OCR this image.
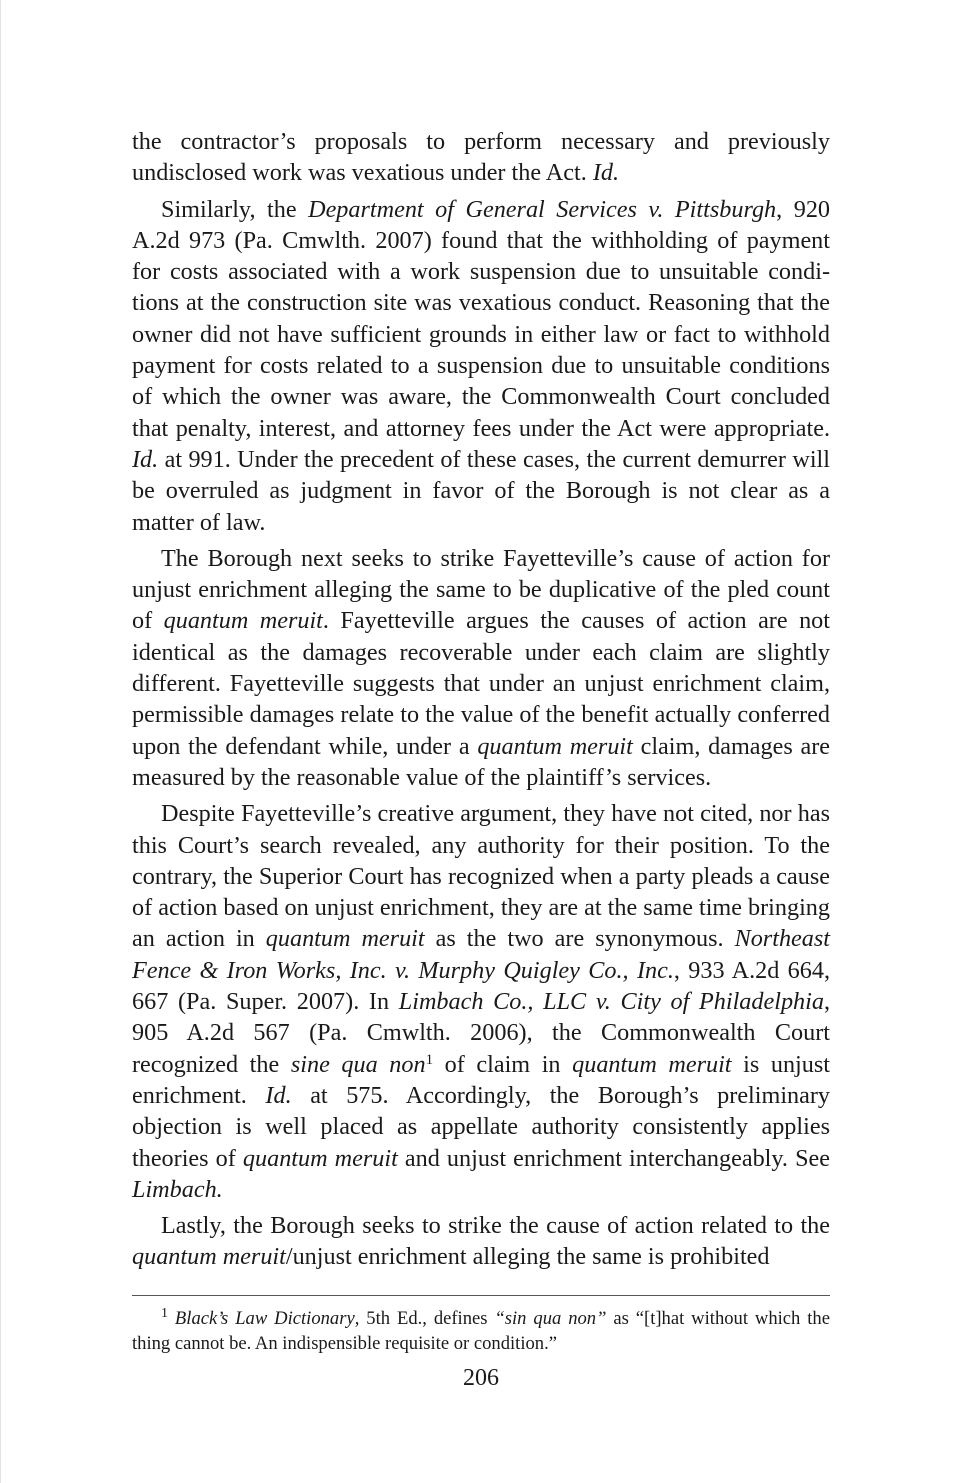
the contractor’s proposals to perform necessary and previously undisclosed work was vexatious under the Act. Id.

Similarly, the Department of General Services v. Pittsburgh, 920 A.2d 973 (Pa. Cmwlth. 2007) found that the withholding of payment for costs associated with a work suspension due to unsuitable conditions at the construction site was vexatious conduct. Reasoning that the owner did not have sufficient grounds in either law or fact to withhold payment for costs related to a suspension due to unsuitable conditions of which the owner was aware, the Commonwealth Court concluded that penalty, interest, and attorney fees under the Act were appropriate. Id. at 991. Under the precedent of these cases, the current demurrer will be overruled as judgment in favor of the Borough is not clear as a matter of law.

The Borough next seeks to strike Fayetteville’s cause of action for unjust enrichment alleging the same to be duplicative of the pled count of quantum meruit. Fayetteville argues the causes of action are not identical as the damages recoverable under each claim are slightly different. Fayetteville suggests that under an unjust enrichment claim, permissible damages relate to the value of the benefit actually conferred upon the defendant while, under a quantum meruit claim, damages are measured by the reasonable value of the plaintiff’s services.

Despite Fayetteville’s creative argument, they have not cited, nor has this Court’s search revealed, any authority for their position. To the contrary, the Superior Court has recognized when a party pleads a cause of action based on unjust enrichment, they are at the same time bringing an action in quantum meruit as the two are synonymous. Northeast Fence & Iron Works, Inc. v. Murphy Quigley Co., Inc., 933 A.2d 664, 667 (Pa. Super. 2007). In Limbach Co., LLC v. City of Philadelphia, 905 A.2d 567 (Pa. Cmwlth. 2006), the Commonwealth Court recognized the sine qua non$^1$ of claim in quantum meruit is unjust enrichment. Id. at 575. Accordingly, the Borough’s preliminary objection is well placed as appellate authority consistently applies theories of quantum meruit and unjust enrichment interchangeably. See Limbach.

Lastly, the Borough seeks to strike the cause of action related to the quantum meruit/unjust enrichment alleging the same is prohibited

$^1$ Black’s Law Dictionary, 5th Ed., defines “sin qua non” as “[t]hat without which the thing cannot be. An indispensible requisite or condition.”

206
